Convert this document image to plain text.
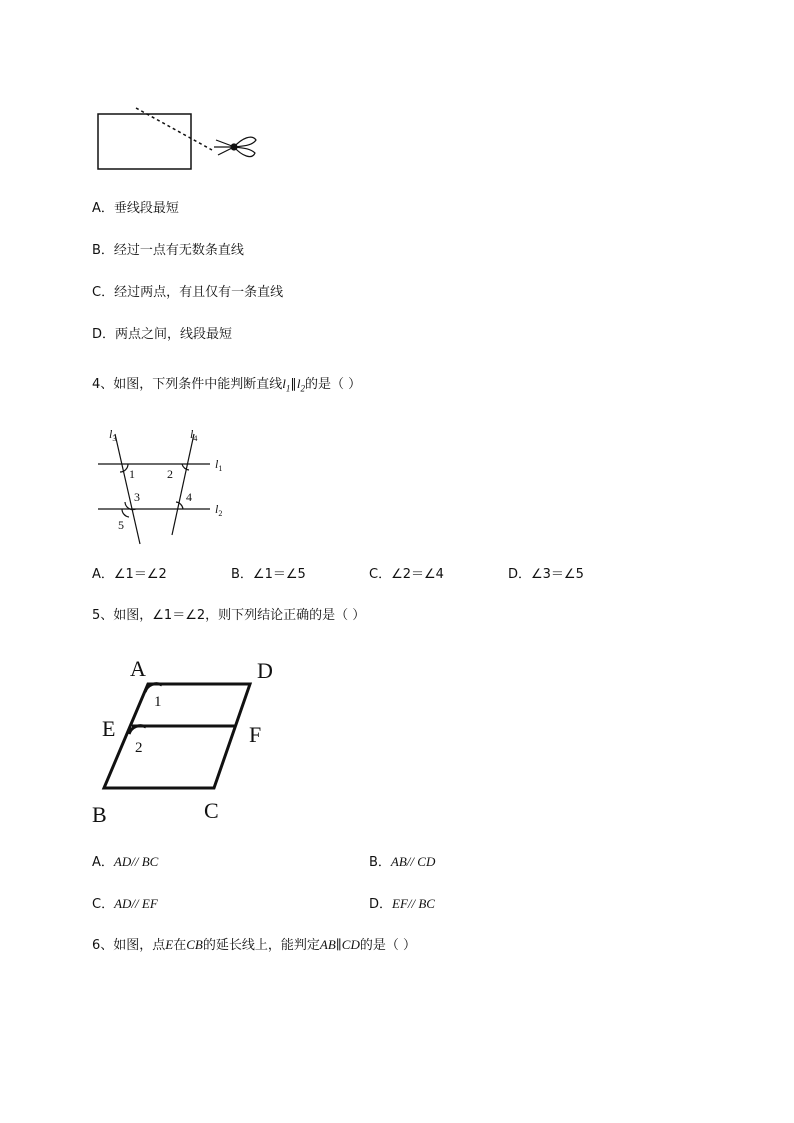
A．垂线段最短
B．经过一点有无数条直线
C．经过两点，有且仅有一条直线
D．两点之间，线段最短
4、如图，下列条件中能判断直线$l_1\parallel l_2$的是（ ）
$l_3$	$l_4$
$l_1$
$l_2$
1	2
3	4
5
A．∠1＝∠2	B．∠1＝∠5	C．∠2＝∠4	D．∠3＝∠5
5、如图，∠1＝∠2，则下列结论正确的是（ ）
A	D
E	F
B	C
1
2
A．AD// BC	B．AB// CD
C．AD// EF	D．EF// BC
6、如图，点E在CB的延长线上，能判定AB∥CD的是（ ）
